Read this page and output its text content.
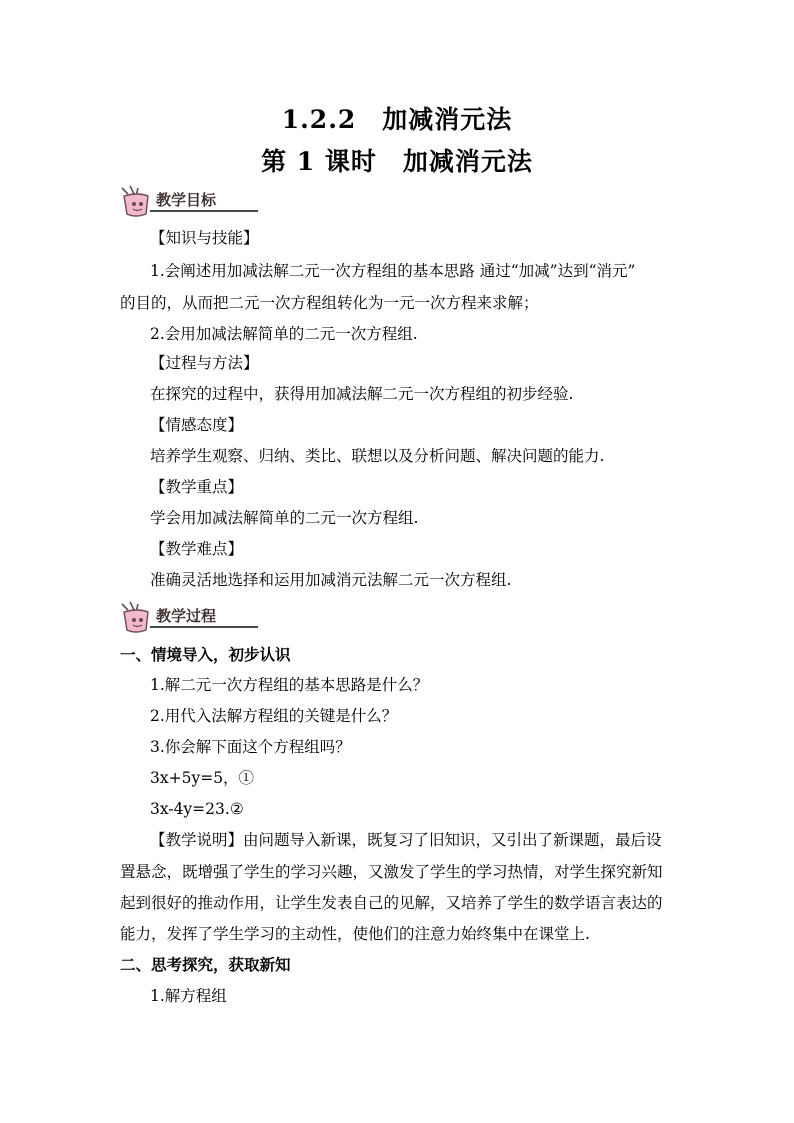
1.2.2　加减消元法
第 1 课时　加减消元法
教学目标
【知识与技能】
1.会阐述用加减法解二元一次方程组的基本思路 通过“加减”达到“消元”
的目的，从而把二元一次方程组转化为一元一次方程来求解；
2.会用加减法解简单的二元一次方程组.
【过程与方法】
在探究的过程中，获得用加减法解二元一次方程组的初步经验.
【情感态度】
培养学生观察、归纳、类比、联想以及分析问题、解决问题的能力.
【教学重点】
学会用加减法解简单的二元一次方程组.
【教学难点】
准确灵活地选择和运用加减消元法解二元一次方程组.
教学过程
一、情境导入，初步认识
1.解二元一次方程组的基本思路是什么？
2.用代入法解方程组的关键是什么？
3.你会解下面这个方程组吗？
3x+5y=5，①
3x-4y=23.②
【教学说明】由问题导入新课，既复习了旧知识，又引出了新课题，最后设
置悬念，既增强了学生的学习兴趣，又激发了学生的学习热情，对学生探究新知
起到很好的推动作用，让学生发表自己的见解，又培养了学生的数学语言表达的
能力，发挥了学生学习的主动性，使他们的注意力始终集中在课堂上.
二、思考探究，获取新知
1.解方程组
